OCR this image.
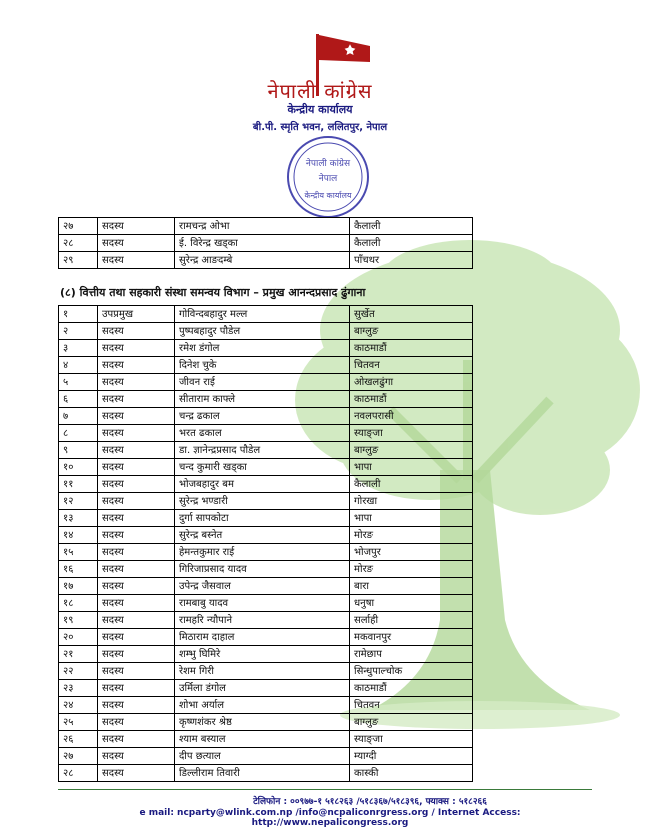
नेपाली कांग्रेस
केन्द्रीय कार्यालय
बी.पी. स्मृति भवन, ललितपुर, नेपाल
नेपाली कांग्रेस
नेपाल
केन्द्रीय कार्यालय
२७	सदस्य	रामचन्द्र ओभा	कैलाली
२८	सदस्य	ई. विरेन्द्र खड्का	कैलाली
२९	सदस्य	सुरेन्द्र आङदम्बे	पाँचथर
(८) वित्तीय तथा सहकारी संस्था समन्वय विभाग – प्रमुख आनन्दप्रसाद ढुंगाना
१	उपप्रमुख	गोविन्दबहादुर मल्ल	सुर्खेत
२	सदस्य	पुष्पबहादुर पौडेल	बाग्लुङ
३	सदस्य	रमेश डंगोल	काठमाडौं
४	सदस्य	दिनेश चुके	चितवन
५	सदस्य	जीवन राई	ओखलढुंगा
६	सदस्य	सीताराम काफ्ले	काठमाडौं
७	सदस्य	चन्द्र ढकाल	नवलपरासी
८	सदस्य	भरत ढकाल	स्याङ्जा
९	सदस्य	डा. ज्ञानेन्द्रप्रसाद पौडेल	बाग्लुङ
१०	सदस्य	चन्द कुमारी खड्का	भापा
११	सदस्य	भोजबहादुर बम	कैलाली
१२	सदस्य	सुरेन्द्र भण्डारी	गोरखा
१३	सदस्य	दुर्गा सापकोटा	भापा
१४	सदस्य	सुरेन्द्र बस्नेत	मोरङ
१५	सदस्य	हेमन्तकुमार राई	भोजपुर
१६	सदस्य	गिरिजाप्रसाद यादव	मोरङ
१७	सदस्य	उपेन्द्र जैसवाल	बारा
१८	सदस्य	रामबाबु यादव	धनुषा
१९	सदस्य	रामहरि न्यौपाने	सर्लाही
२०	सदस्य	मिठाराम दाहाल	मकवानपुर
२१	सदस्य	शम्भु घिमिरे	रामेछाप
२२	सदस्य	रेशम गिरी	सिन्धुपाल्चोक
२३	सदस्य	उर्मिला डंगोल	काठमाडौं
२४	सदस्य	शोभा अर्याल	चितवन
२५	सदस्य	कृष्णशंकर श्रेष्ठ	बाग्लुङ
२६	सदस्य	श्याम बस्याल	स्याङ्जा
२७	सदस्य	दीप छत्याल	म्याग्दी
२८	सदस्य	डिल्लीराम तिवारी	कास्की
टेलिफोन : ००९७७-१ ५१८२६३ /५१८३६७/५१८३९६, फ्याक्स : ५१८२६६
e mail: ncparty@wlink.com.np /info@ncpaliconrgress.org / Internet Access: http://www.nepalicongress.org
